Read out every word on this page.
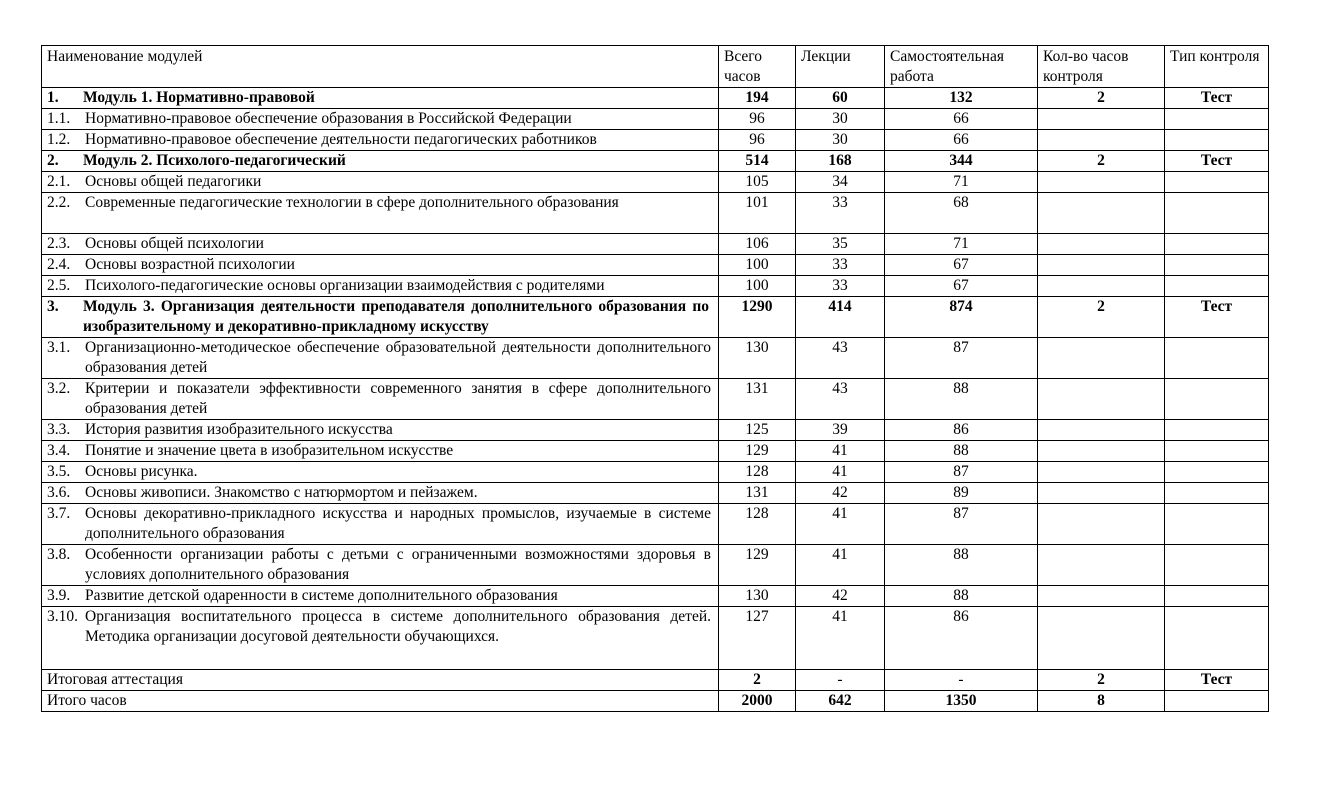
Наименование модулей	Всего часов	Лекции	Самостоятельная работа	Кол-во часов контроля	Тип контроля
1. Модуль 1. Нормативно-правовой	194	60	132	2	Тест
1.1. Нормативно-правовое обеспечение образования в Российской Федерации	96	30	66		
1.2. Нормативно-правовое обеспечение деятельности педагогических работников	96	30	66		
2. Модуль 2. Психолого-педагогический	514	168	344	2	Тест
2.1. Основы общей педагогики	105	34	71		
2.2. Современные педагогические технологии в сфере дополнительного образования	101	33	68		
2.3. Основы общей психологии	106	35	71		
2.4. Основы возрастной психологии	100	33	67		
2.5. Психолого-педагогические основы организации взаимодействия с родителями	100	33	67		
3. Модуль 3. Организация деятельности преподавателя дополнительного образования по изобразительному и декоративно-прикладному искусству	1290	414	874	2	Тест
3.1. Организационно-методическое обеспечение образовательной деятельности дополнительного образования детей	130	43	87		
3.2. Критерии и показатели эффективности современного занятия в сфере дополнительного образования детей	131	43	88		
3.3. История развития изобразительного искусства	125	39	86		
3.4. Понятие и значение цвета в изобразительном искусстве	129	41	88		
3.5. Основы рисунка.	128	41	87		
3.6. Основы живописи. Знакомство с натюрмортом и пейзажем.	131	42	89		
3.7. Основы декоративно-прикладного искусства и народных промыслов, изучаемые в системе дополнительного образования	128	41	87		
3.8. Особенности организации работы с детьми с ограниченными возможностями здоровья в условиях дополнительного образования	129	41	88		
3.9. Развитие детской одаренности в системе дополнительного образования	130	42	88		
3.10. Организация воспитательного процесса в системе дополнительного образования детей. Методика организации досуговой деятельности обучающихся.	127	41	86		
Итоговая аттестация	2	-	-	2	Тест
Итого часов	2000	642	1350	8	
